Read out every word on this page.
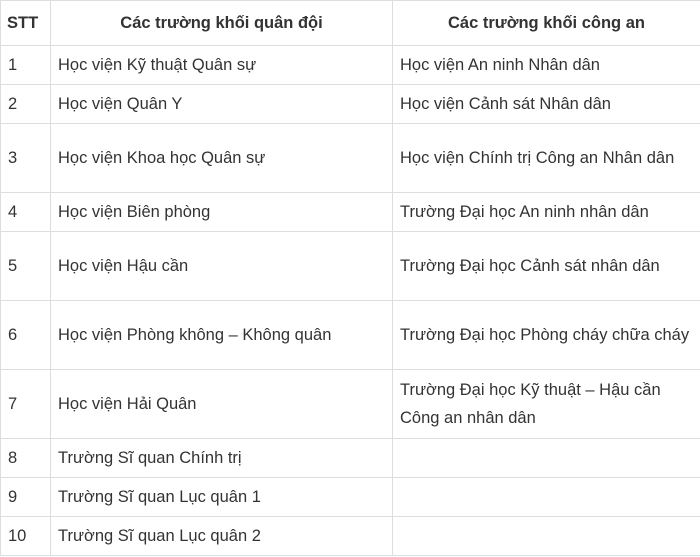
STT	Các trường khối quân đội	Các trường khối công an
1	Học viện Kỹ thuật Quân sự	Học viện An ninh Nhân dân
2	Học viện Quân Y	Học viện Cảnh sát Nhân dân
3	Học viện Khoa học Quân sự	Học viện Chính trị Công an Nhân dân
4	Học viện Biên phòng	Trường Đại học An ninh nhân dân
5	Học viện Hậu cần	Trường Đại học Cảnh sát nhân dân
6	Học viện Phòng không – Không quân	Trường Đại học Phòng cháy chữa cháy
7	Học viện Hải Quân	Trường Đại học Kỹ thuật – Hậu cần Công an nhân dân
8	Trường Sĩ quan Chính trị	
9	Trường Sĩ quan Lục quân 1	
10	Trường Sĩ quan Lục quân 2	
